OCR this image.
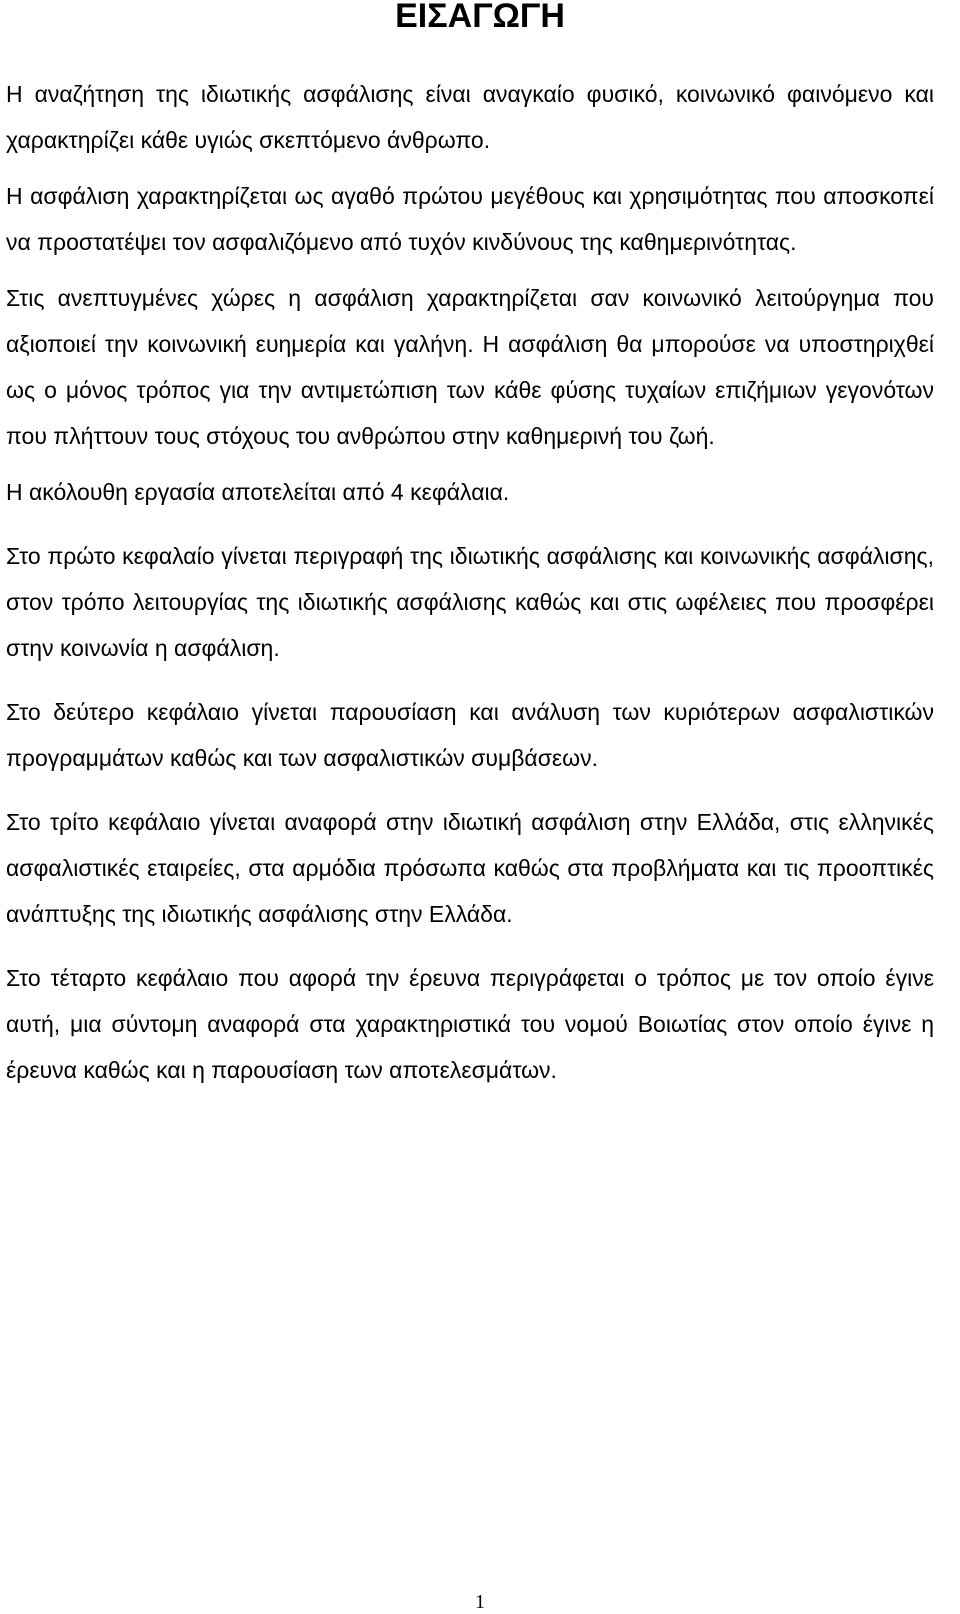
ΕΙΣΑΓΩΓΗ

Η αναζήτηση της ιδιωτικής ασφάλισης είναι αναγκαίο φυσικό, κοινωνικό φαινόμενο και χαρακτηρίζει κάθε υγιώς σκεπτόμενο άνθρωπο.

Η ασφάλιση χαρακτηρίζεται ως αγαθό πρώτου μεγέθους και χρησιμότητας που αποσκοπεί να προστατέψει τον ασφαλιζόμενο από τυχόν κινδύνους της καθημερινότητας.

Στις ανεπτυγμένες χώρες η ασφάλιση χαρακτηρίζεται σαν κοινωνικό λειτούργημα που αξιοποιεί την κοινωνική ευημερία και γαλήνη. Η ασφάλιση θα μπορούσε να υποστηριχθεί ως ο μόνος τρόπος για την αντιμετώπιση των κάθε φύσης τυχαίων επιζήμιων γεγονότων που πλήττουν τους στόχους του ανθρώπου στην καθημερινή του ζωή.

Η ακόλουθη εργασία αποτελείται από 4 κεφάλαια.

Στο πρώτο κεφαλαίο γίνεται περιγραφή της ιδιωτικής ασφάλισης και κοινωνικής ασφάλισης, στον τρόπο λειτουργίας της ιδιωτικής ασφάλισης καθώς και στις ωφέλειες που προσφέρει στην κοινωνία η ασφάλιση.

Στο δεύτερο κεφάλαιο γίνεται παρουσίαση και ανάλυση των κυριότερων ασφαλιστικών προγραμμάτων καθώς και των ασφαλιστικών συμβάσεων.

Στο τρίτο κεφάλαιο γίνεται αναφορά στην ιδιωτική ασφάλιση στην Ελλάδα, στις ελληνικές ασφαλιστικές εταιρείες, στα αρμόδια πρόσωπα καθώς στα προβλήματα και τις προοπτικές ανάπτυξης της ιδιωτικής ασφάλισης στην Ελλάδα.

Στο τέταρτο κεφάλαιο που αφορά την έρευνα περιγράφεται ο τρόπος με τον οποίο έγινε αυτή, μια σύντομη αναφορά στα χαρακτηριστικά του νομού Βοιωτίας στον οποίο έγινε η έρευνα καθώς και η παρουσίαση των αποτελεσμάτων.

1
